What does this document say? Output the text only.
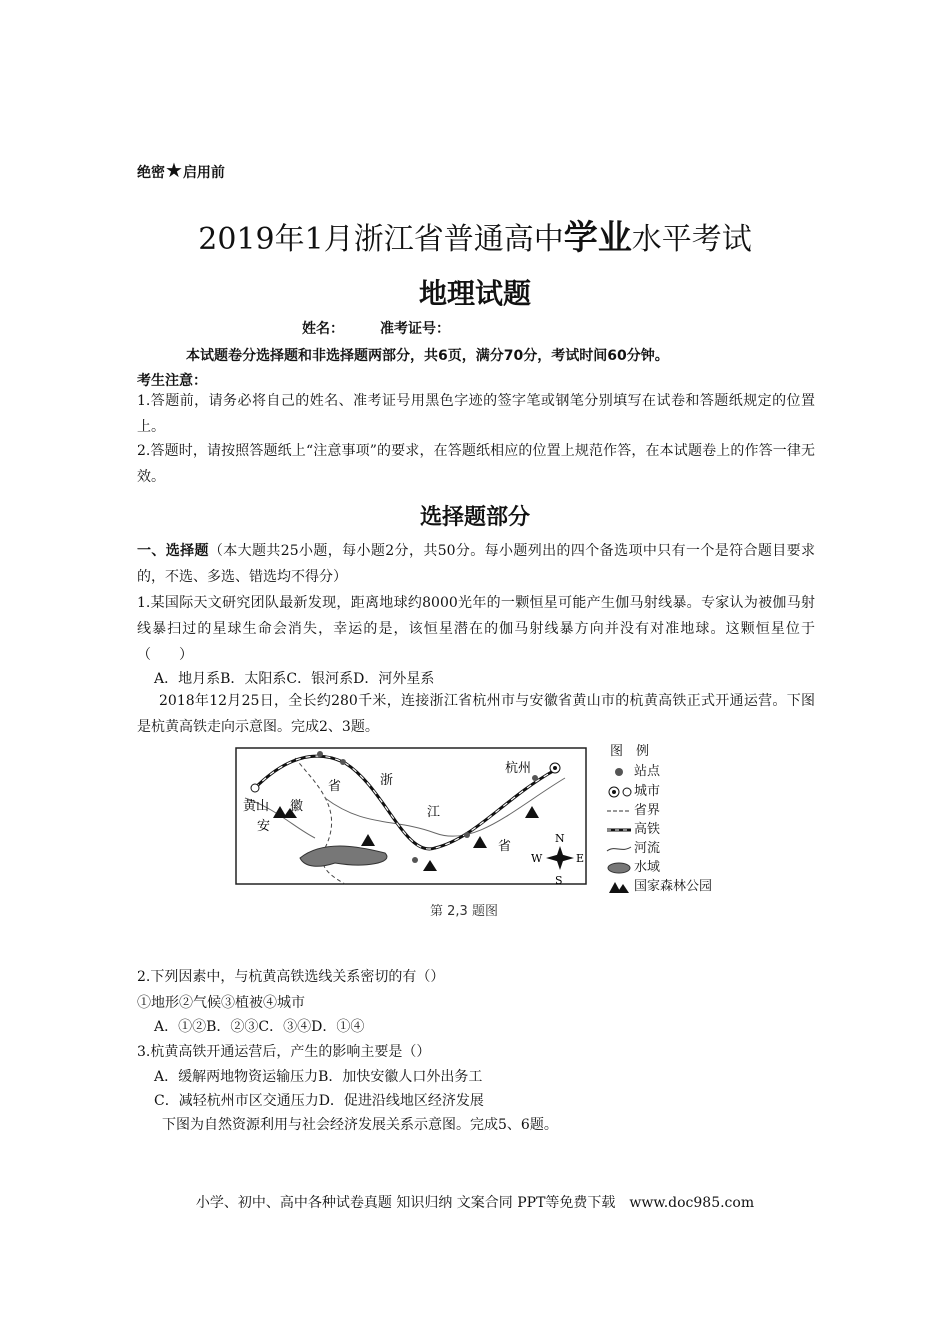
绝密★启用前
2019年1月浙江省普通高中学业水平考试
地理试题
姓名：	准考证号：
本试题卷分选择题和非选择题两部分，共6页，满分70分，考试时间60分钟。
考生注意：
1.答题前，请务必将自己的姓名、准考证号用黑色字迹的签字笔或钢笔分别填写在试卷和答题纸规定的位置上。
2.答题时，请按照答题纸上“注意事项”的要求，在答题纸相应的位置上规范作答，在本试题卷上的作答一律无效。
选择题部分
一、选择题（本大题共25小题，每小题2分，共50分。每小题列出的四个备选项中只有一个是符合题目要求的，不选、多选、错选均不得分）
1.某国际天文研究团队最新发现，距离地球约8000光年的一颗恒星可能产生伽马射线暴。专家认为被伽马射线暴扫过的星球生命会消失，幸运的是，该恒星潜在的伽马射线暴方向并没有对准地球。这颗恒星位于（　　）
A．地月系B．太阳系C．银河系D．河外星系
2018年12月25日，全长约280千米，连接浙江省杭州市与安徽省黄山市的杭黄高铁正式开通运营。下图是杭黄高铁走向示意图。完成2、3题。
黄山
杭州
省
徽
安
浙
江
省
N
S
E
W
图　例
站点
城市
省界
高铁
河流
水域
国家森林公园
第 2,3 题图
2.下列因素中，与杭黄高铁选线关系密切的有（）
①地形②气候③植被④城市
A．①②B．②③C．③④D．①④
3.杭黄高铁开通运营后，产生的影响主要是（）
A．缓解两地物资运输压力B．加快安徽人口外出务工
C．减轻杭州市区交通压力D．促进沿线地区经济发展
下图为自然资源利用与社会经济发展关系示意图。完成5、6题。
小学、初中、高中各种试卷真题 知识归纳 文案合同 PPT等免费下载　www.doc985.com
